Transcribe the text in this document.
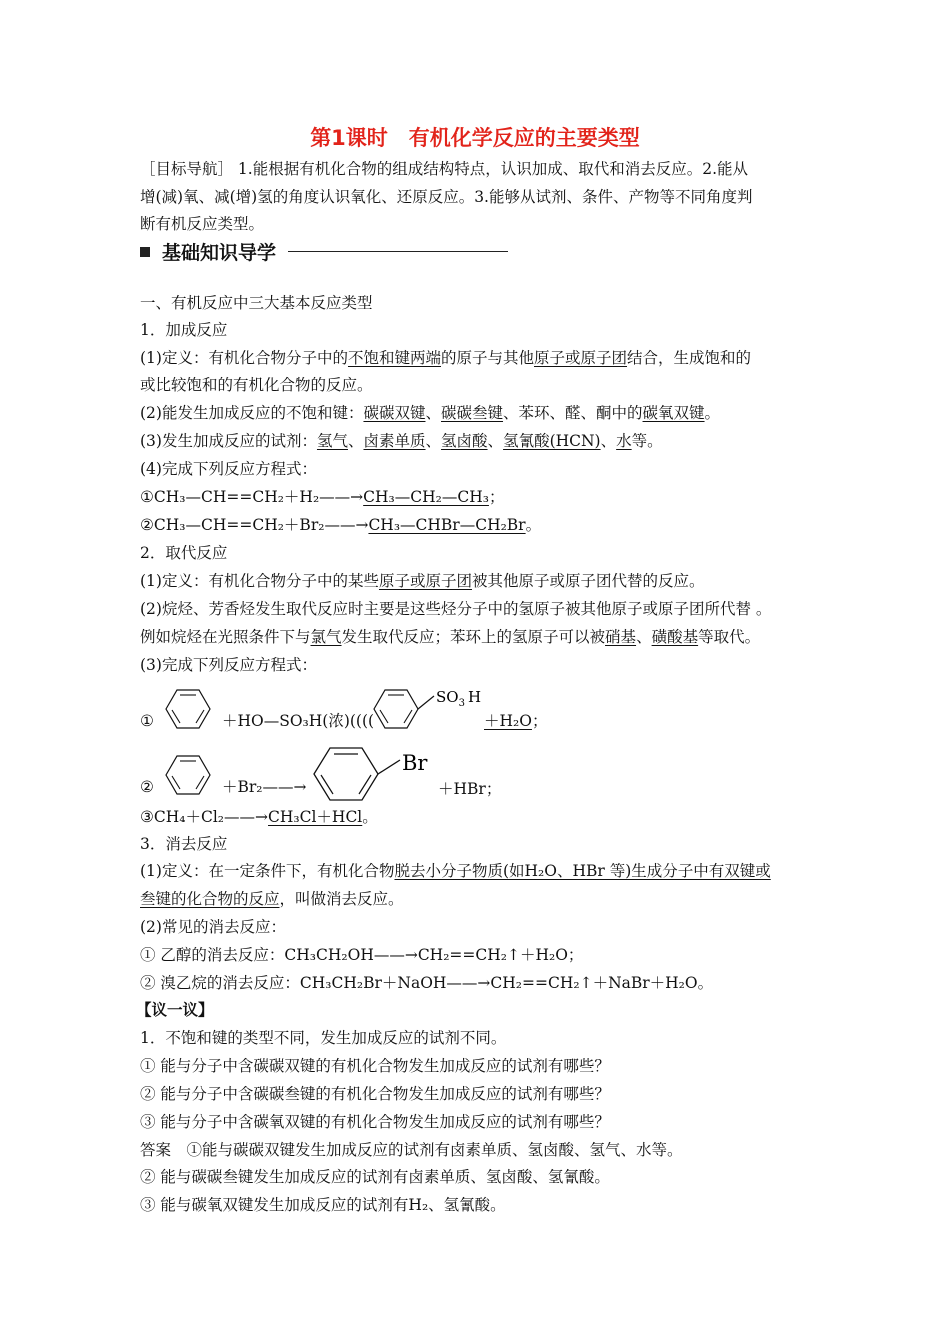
第1课时　有机化学反应的主要类型
［目标导航］ 1.能根据有机化合物的组成结构特点，认识加成、取代和消去反应。2.能从
增(减)氧、减(增)氢的角度认识氧化、还原反应。3.能够从试剂、条件、产物等不同角度判
断有机反应类型。
基础知识导学
一、有机反应中三大基本反应类型
1．加成反应
(1)定义：有机化合物分子中的不饱和键两端的原子与其他原子或原子团结合，生成饱和的
或比较饱和的有机化合物的反应。
(2)能发生加成反应的不饱和键：碳碳双键、碳碳叁键、苯环、醛、酮中的碳氧双键。
(3)发生加成反应的试剂：氢气、卤素单质、氢卤酸、氢氰酸(HCN)、水等。
(4)完成下列反应方程式：
①CH₃—CH==CH₂＋H₂——→CH₃—CH₂—CH₃；
②CH₃—CH==CH₂＋Br₂——→CH₃—CHBr—CH₂Br。
2．取代反应
(1)定义：有机化合物分子中的某些原子或原子团被其他原子或原子团代替的反应。
(2)烷烃、芳香烃发生取代反应时主要是这些烃分子中的氢原子被其他原子或原子团所代替 。
例如烷烃在光照条件下与氯气发生取代反应；苯环上的氢原子可以被硝基、磺酸基等取代。
(3)完成下列反应方程式：
①	＋HO—SO₃H(浓)((((
$SO_3$ H
＋H₂O；
②	＋Br₂——→
Br
＋HBr；
③CH₄＋Cl₂——→CH₃Cl＋HCl。
3．消去反应
(1)定义：在一定条件下，有机化合物脱去小分子物质(如H₂O、HBr 等)生成分子中有双键或
叁键的化合物的反应，叫做消去反应。
(2)常见的消去反应：
① 乙醇的消去反应：CH₃CH₂OH——→CH₂==CH₂↑＋H₂O；
② 溴乙烷的消去反应：CH₃CH₂Br＋NaOH——→CH₂==CH₂↑＋NaBr＋H₂O。
【议一议】
1．不饱和键的类型不同，发生加成反应的试剂不同。
① 能与分子中含碳碳双键的有机化合物发生加成反应的试剂有哪些？
② 能与分子中含碳碳叁键的有机化合物发生加成反应的试剂有哪些？
③ 能与分子中含碳氧双键的有机化合物发生加成反应的试剂有哪些？
答案　①能与碳碳双键发生加成反应的试剂有卤素单质、氢卤酸、氢气、水等。
② 能与碳碳叁键发生加成反应的试剂有卤素单质、氢卤酸、氢氰酸。
③ 能与碳氧双键发生加成反应的试剂有H₂、氢氰酸。
